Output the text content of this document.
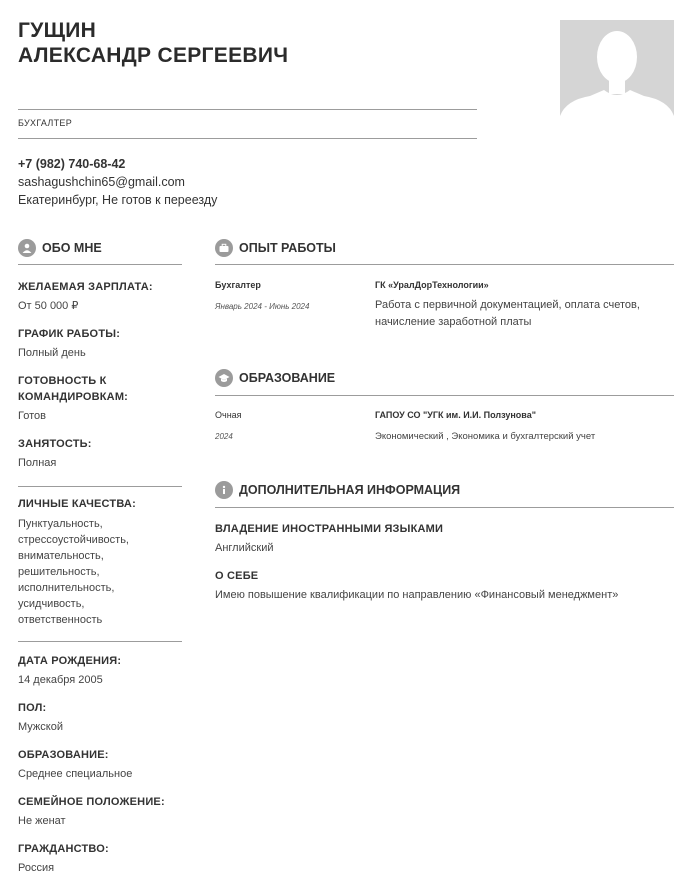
ГУЩИН
АЛЕКСАНДР СЕРГЕЕВИЧ
БУХГАЛТЕР
+7 (982) 740-68-42
sashagushchin65@gmail.com
Екатеринбург, Не готов к переезду
ОБО МНЕ
ЖЕЛАЕМАЯ ЗАРПЛАТА:
От 50 000 ₽
ГРАФИК РАБОТЫ:
Полный день
ГОТОВНОСТЬ К
КОМАНДИРОВКАМ:
Готов
ЗАНЯТОСТЬ:
Полная
ЛИЧНЫЕ КАЧЕСТВА:
Пунктуальность,
стрессоустойчивость,
внимательность,
решительность,
исполнительность,
усидчивость,
ответственность
ДАТА РОЖДЕНИЯ:
14 декабря 2005
ПОЛ:
Мужской
ОБРАЗОВАНИЕ:
Среднее специальное
СЕМЕЙНОЕ ПОЛОЖЕНИЕ:
Не женат
ГРАЖДАНСТВО:
Россия
ОПЫТ РАБОТЫ
Бухгалтер
Январь 2024 - Июнь 2024
ГК «УралДорТехнологии»
Работа с первичной документацией, оплата счетов,
начисление заработной платы
ОБРАЗОВАНИЕ
Очная
2024
ГАПОУ СО "УГК им. И.И. Ползунова"
Экономический , Экономика и бухгалтерский учет
ДОПОЛНИТЕЛЬНАЯ ИНФОРМАЦИЯ
ВЛАДЕНИЕ ИНОСТРАННЫМИ ЯЗЫКАМИ
Английский
О СЕБЕ
Имею повышение квалификации по направлению «Финансовый менеджмент»
